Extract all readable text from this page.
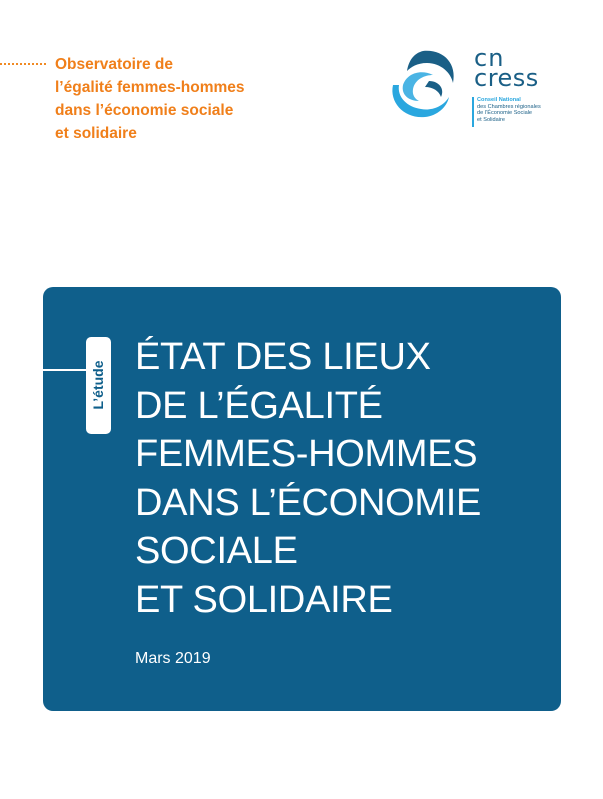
Observatoire de
l’égalité femmes-hommes
dans l’économie sociale
et solidaire
cn
cress
Conseil National
des Chambres régionales
de l’Économie Sociale
et Solidaire
L’étude
ÉTAT DES LIEUX
DE L’ÉGALITÉ
FEMMES-HOMMES
DANS L’ÉCONOMIE
SOCIALE
ET SOLIDAIRE
Mars 2019
